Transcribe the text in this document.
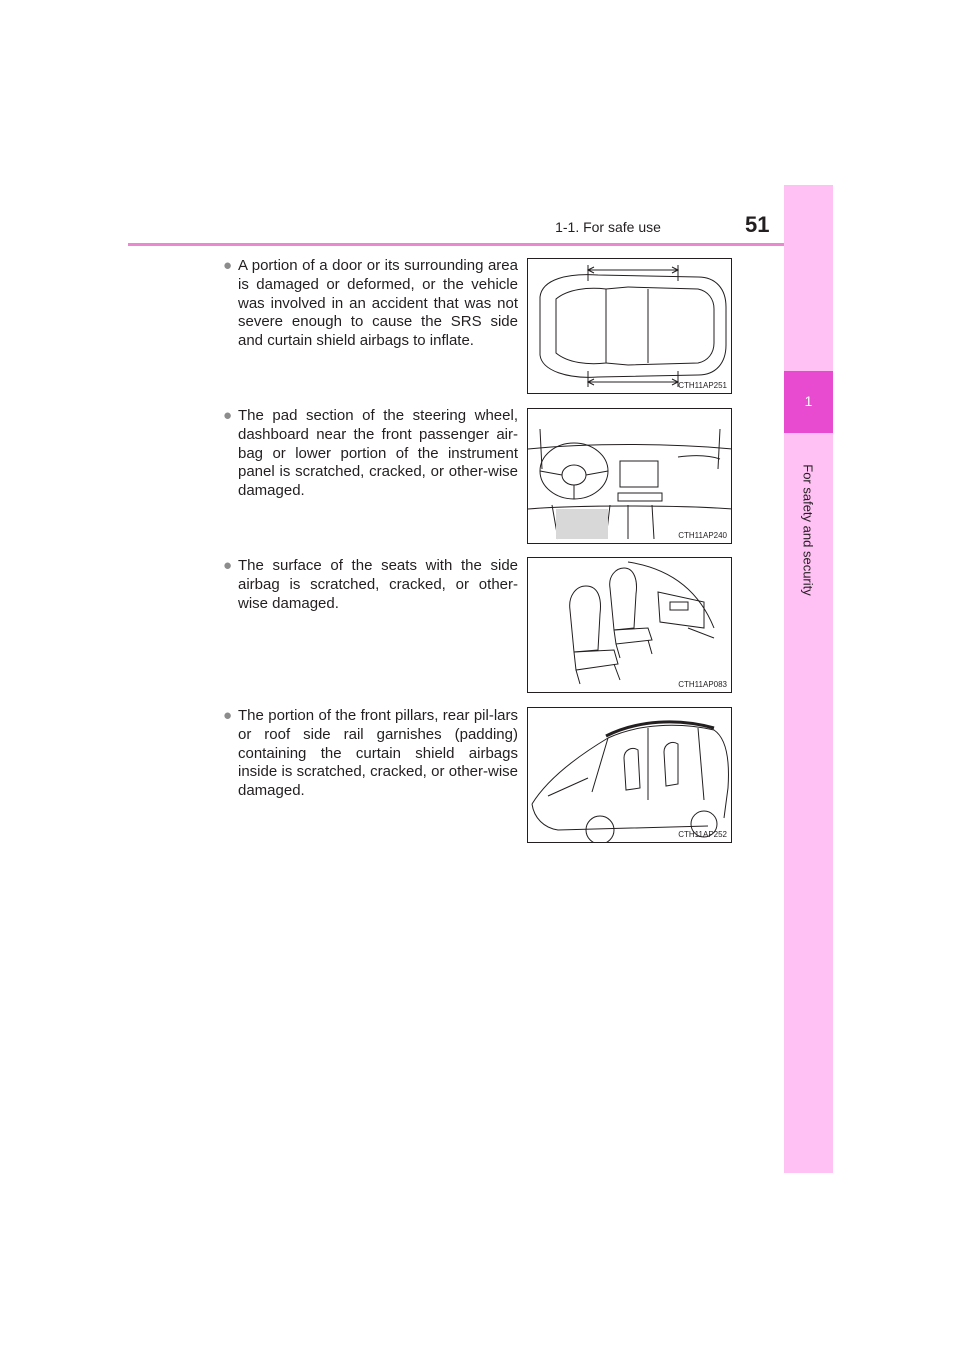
1-1. For safe use	51
1
For safety and security
● A portion of a door or its surrounding area is damaged or deformed, or the vehicle was involved in an accident that was not severe enough to cause the SRS side and curtain shield airbags to inflate.
CTH11AP251
● The pad section of the steering wheel, dashboard near the front passenger air-bag or lower portion of the instrument panel is scratched, cracked, or other-wise damaged.
CTH11AP240
● The surface of the seats with the side airbag is scratched, cracked, or other-wise damaged.
CTH11AP083
● The portion of the front pillars, rear pil-lars or roof side rail garnishes (padding) containing the curtain shield airbags inside is scratched, cracked, or other-wise damaged.
CTH11AP252
